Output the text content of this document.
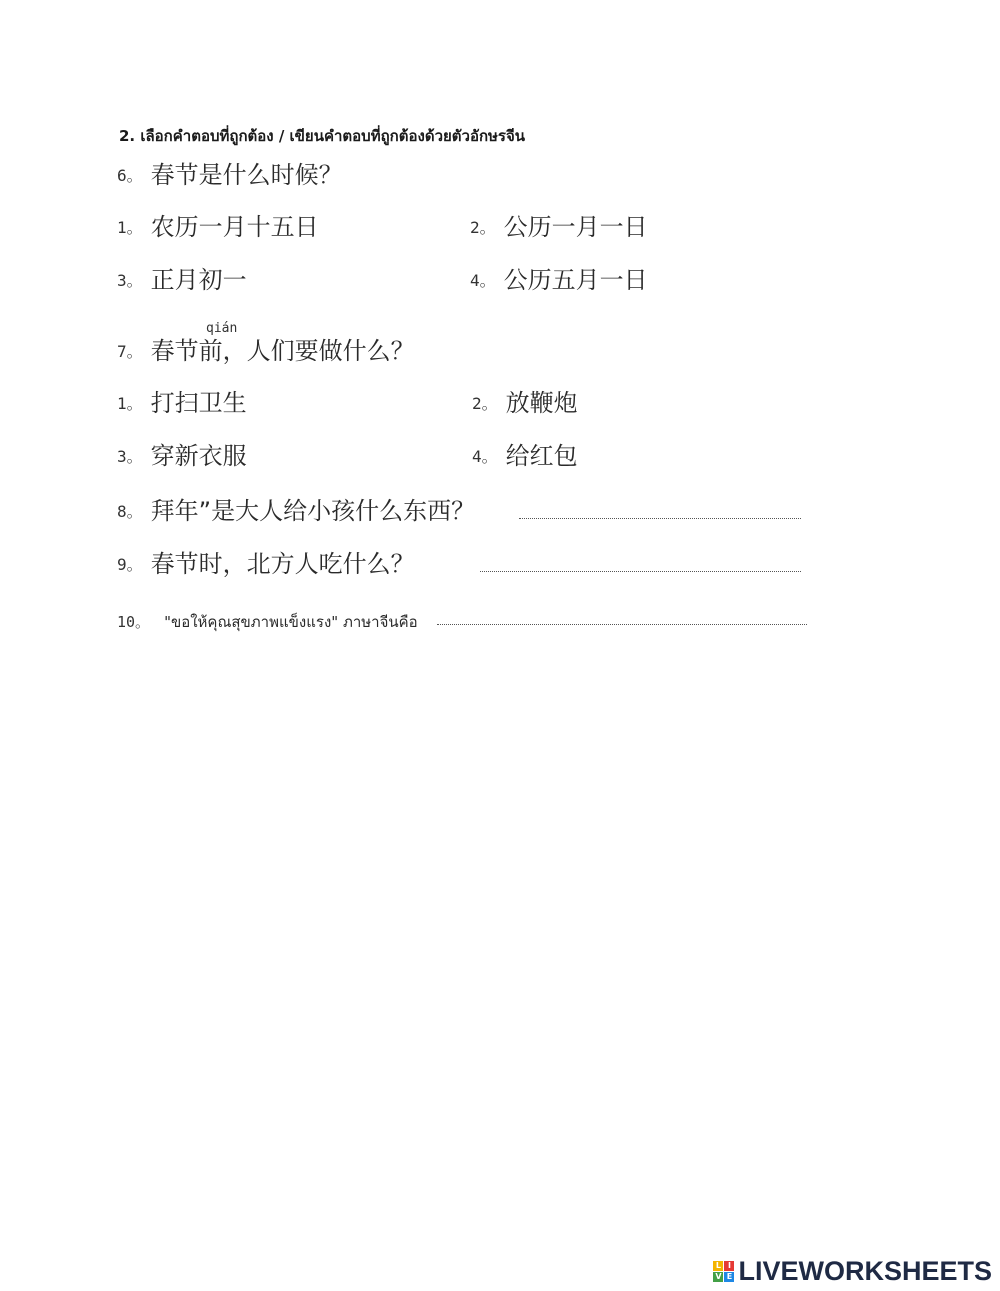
2. เลือกคำตอบที่ถูกต้อง / เขียนคำตอบที่ถูกต้องด้วยตัวอักษรจีน
6。 春节是什么时候？
1。 农历一月十五日	2。 公历一月一日
3。 正月初一	4。 公历五月一日
qián
7。 春节前，人们要做什么？
1。 打扫卫生	2。 放鞭炮
3。 穿新衣服	4。 给红包
8。 拜年”是大人给小孩什么东西？
9。 春节时，北方人吃什么？
10。 "ขอให้คุณสุขภาพแข็งแรง" ภาษาจีนคือ
L I
V E LIVEWORKSHEETS
